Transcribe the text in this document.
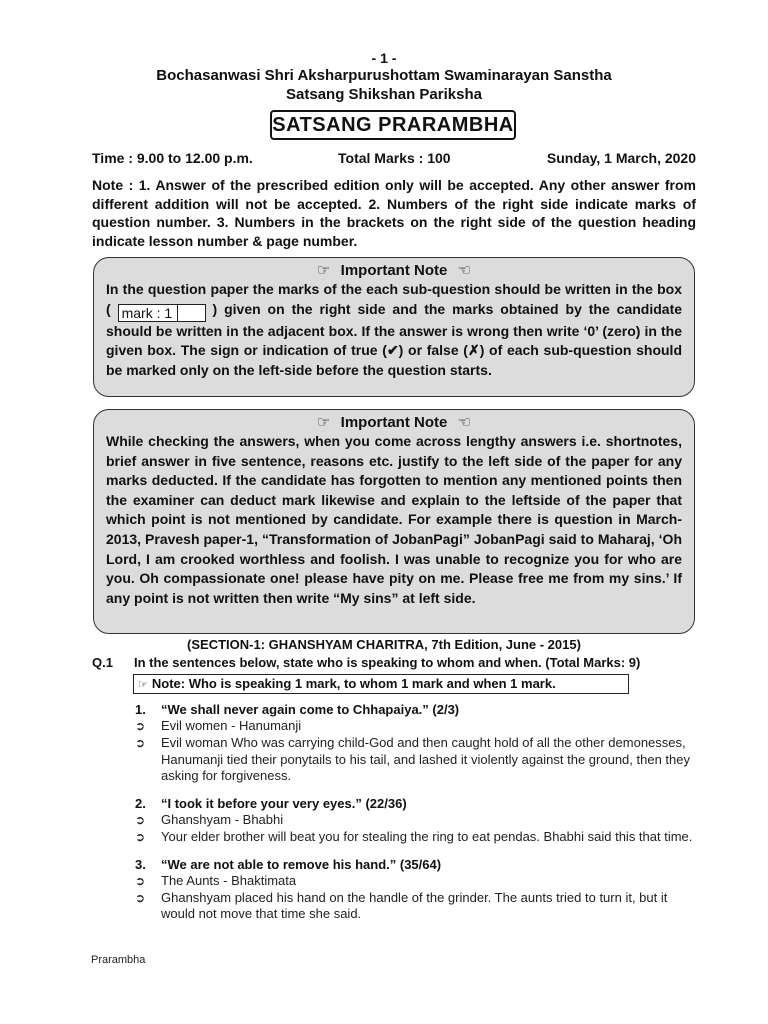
- 1 -
Bochasanwasi Shri Aksharpurushottam Swaminarayan Sanstha
Satsang Shikshan Pariksha
SATSANG PRARAMBHA
Time : 9.00 to 12.00 p.m.	Total Marks : 100	Sunday, 1 March, 2020
Note : 1. Answer of the prescribed edition only will be accepted. Any other answer from different addition will not be accepted. 2. Numbers of the right side indicate marks of question number. 3. Numbers in the brackets on the right side of the question heading indicate lesson number & page number.
☞ Important Note ☜
In the question paper the marks of the each sub-question should be written in the box ( mark : 1	) given on the right side and the marks obtained by the candidate should be written in the adjacent box. If the answer is wrong then write ‘0’ (zero) in the given box. The sign or indication of true (✔) or false (✗) of each sub-question should be marked only on the left-side before the question starts.
☞ Important Note ☜
While checking the answers, when you come across lengthy answers i.e. shortnotes, brief answer in five sentence, reasons etc. justify to the left side of the paper for any marks deducted. If the candidate has forgotten to mention any mentioned points then the examiner can deduct mark likewise and explain to the leftside of the paper that which point is not mentioned by candidate. For example there is question in March-2013, Pravesh paper-1, “Transformation of JobanPagi” JobanPagi said to Maharaj, ‘Oh Lord, I am crooked worthless and foolish. I was unable to recognize you for who are you. Oh compassionate one! please have pity on me. Please free me from my sins.’ If any point is not written then write “My sins” at left side.
(SECTION-1: GHANSHYAM CHARITRA, 7th Edition, June - 2015)
Q.1 In the sentences below, state who is speaking to whom and when. (Total Marks: 9)
☞ Note: Who is speaking 1 mark, to whom 1 mark and when 1 mark.
1. “We shall never again come to Chhapaiya.” (2/3)
➲ Evil women - Hanumanji
➲ Evil woman Who was carrying child-God and then caught hold of all the other demonesses, Hanumanji tied their ponytails to his tail, and lashed it violently against the ground, then they asking for forgiveness.
2. “I took it before your very eyes.” (22/36)
➲ Ghanshyam - Bhabhi
➲ Your elder brother will beat you for stealing the ring to eat pendas. Bhabhi said this that time.
3. “We are not able to remove his hand.” (35/64)
➲ The Aunts - Bhaktimata
➲ Ghanshyam placed his hand on the handle of the grinder. The aunts tried to turn it, but it would not move that time she said.
Prarambha
